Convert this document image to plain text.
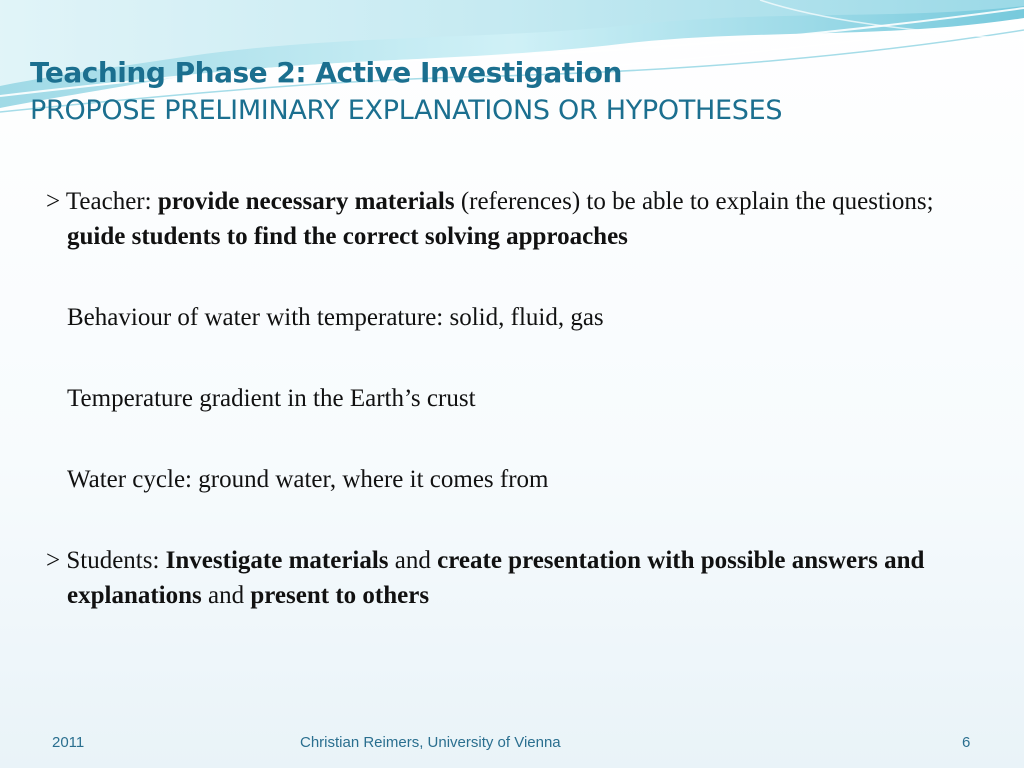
Teaching Phase 2: Active Investigation
PROPOSE PRELIMINARY EXPLANATIONS OR HYPOTHESES
> Teacher: provide necessary materials (references) to be able to explain the questions; guide students to find the correct solving approaches
Behaviour of water with temperature: solid, fluid, gas
Temperature gradient in the Earth’s crust
Water cycle: ground water, where it comes from
> Students: Investigate materials and create presentation with possible answers and explanations and present to others
2011	Christian Reimers, University of Vienna	6
